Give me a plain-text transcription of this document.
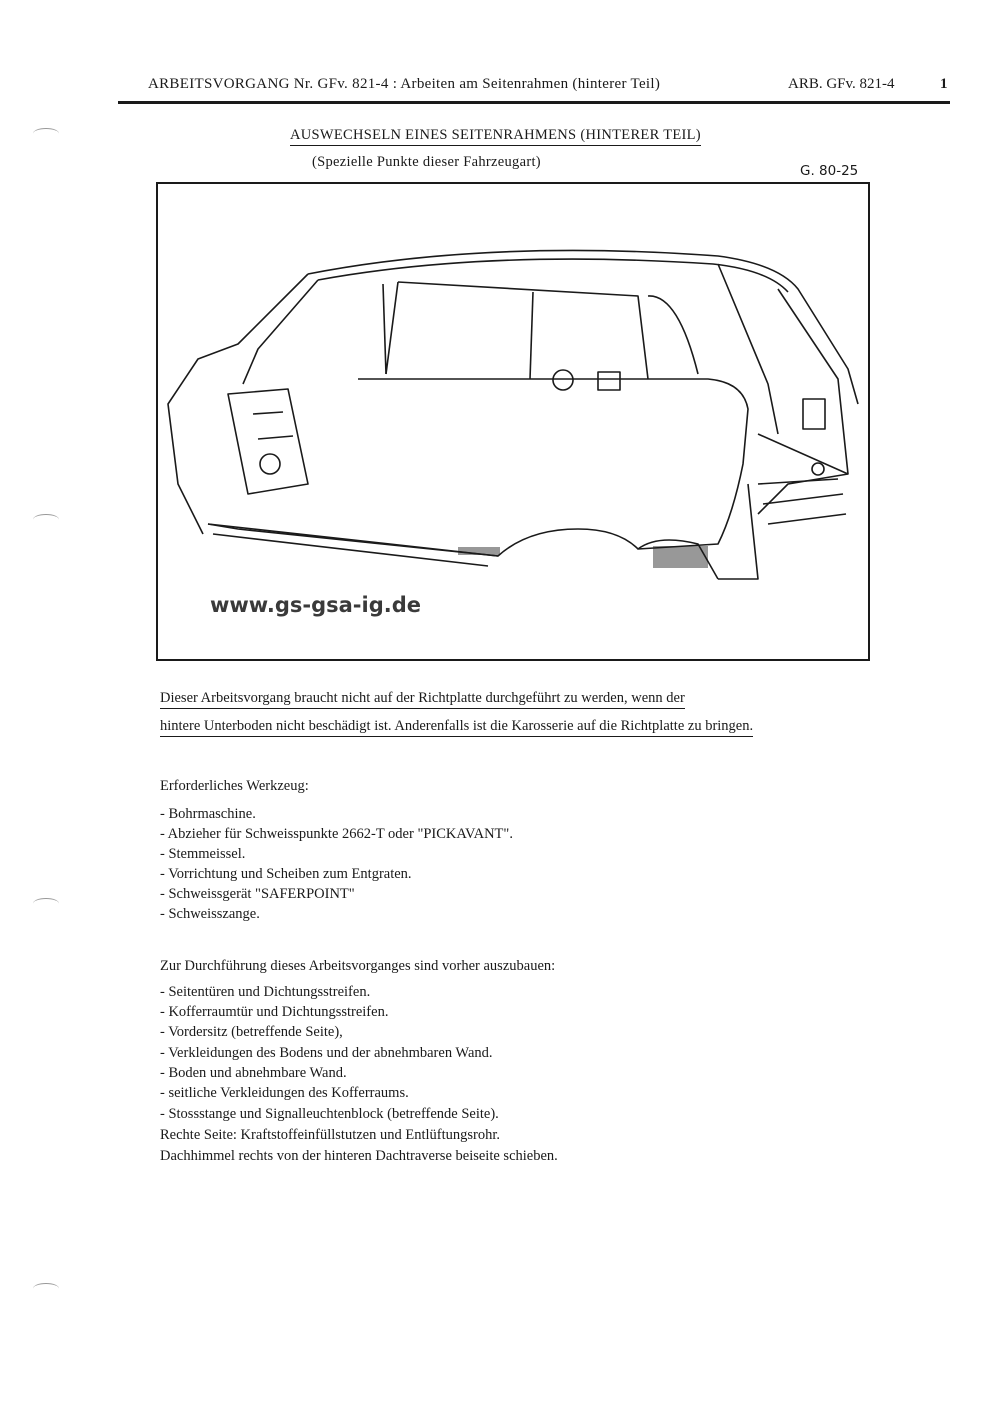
ARBEITSVORGANG Nr. GFv. 821-4 : Arbeiten am Seitenrahmen (hinterer Teil)	ARB. GFv. 821-4	1
AUSWECHSELN EINES SEITENRAHMENS (HINTERER TEIL)
(Spezielle Punkte dieser Fahrzeugart)
G. 80-25
www.gs-gsa-ig.de
Dieser Arbeitsvorgang braucht nicht auf der Richtplatte durchgeführt zu werden, wenn der
hintere Unterboden nicht beschädigt ist. Anderenfalls ist die Karosserie auf die Richtplatte zu bringen.
Erforderliches Werkzeug:
- Bohrmaschine.
- Abzieher für Schweisspunkte 2662-T oder "PICKAVANT".
- Stemmeissel.
- Vorrichtung und Scheiben zum Entgraten.
- Schweissgerät "SAFERPOINT"
- Schweisszange.
Zur Durchführung dieses Arbeitsvorganges sind vorher auszubauen:
- Seitentüren und Dichtungsstreifen.
- Kofferraumtür und Dichtungsstreifen.
- Vordersitz (betreffende Seite),
- Verkleidungen des Bodens und der abnehmbaren Wand.
- Boden und abnehmbare Wand.
- seitliche Verkleidungen des Kofferraums.
- Stossstange und Signalleuchtenblock (betreffende Seite).
Rechte Seite: Kraftstoffeinfüllstutzen und Entlüftungsrohr.
Dachhimmel rechts von der hinteren Dachtraverse beiseite schieben.
